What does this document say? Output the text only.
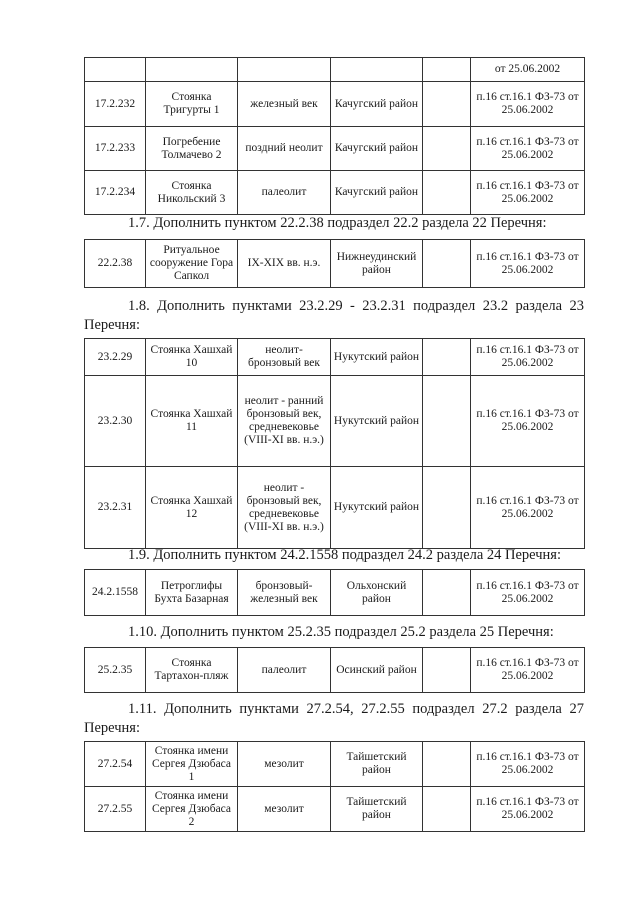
					от 25.06.2002
17.2.232	Стоянка Тригурты 1	железный век	Качугский район		п.16 ст.16.1 ФЗ-73 от 25.06.2002
17.2.233	Погребение Толмачево 2	поздний неолит	Качугский район		п.16 ст.16.1 ФЗ-73 от 25.06.2002
17.2.234	Стоянка Никольский 3	палеолит	Качугский район		п.16 ст.16.1 ФЗ-73 от 25.06.2002
1.7. Дополнить пунктом 22.2.38 подраздел 22.2 раздела 22 Перечня:
22.2.38	Ритуальное сооружение Гора Сапкол	IX-XIX вв. н.э.	Нижнеудинский район		п.16 ст.16.1 ФЗ-73 от 25.06.2002
1.8. Дополнить пунктами 23.2.29 - 23.2.31 подраздел 23.2 раздела 23 Перечня:
23.2.29	Стоянка Хашхай 10	неолит-бронзовый век	Нукутский район		п.16 ст.16.1 ФЗ-73 от 25.06.2002
23.2.30	Стоянка Хашхай 11	неолит - ранний бронзовый век, средневековье (VIII-XI вв. н.э.)	Нукутский район		п.16 ст.16.1 ФЗ-73 от 25.06.2002
23.2.31	Стоянка Хашхай 12	неолит - бронзовый век, средневековье (VIII-XI вв. н.э.)	Нукутский район		п.16 ст.16.1 ФЗ-73 от 25.06.2002
1.9. Дополнить пунктом 24.2.1558 подраздел 24.2 раздела 24 Перечня:
24.2.1558	Петроглифы Бухта Базарная	бронзовый-железный век	Ольхонский район		п.16 ст.16.1 ФЗ-73 от 25.06.2002
1.10. Дополнить пунктом 25.2.35 подраздел 25.2 раздела 25 Перечня:
25.2.35	Стоянка Тартахон-пляж	палеолит	Осинский район		п.16 ст.16.1 ФЗ-73 от 25.06.2002
1.11. Дополнить пунктами 27.2.54, 27.2.55 подраздел 27.2 раздела 27 Перечня:
27.2.54	Стоянка имени Сергея Дзюбаса 1	мезолит	Тайшетский район		п.16 ст.16.1 ФЗ-73 от 25.06.2002
27.2.55	Стоянка имени Сергея Дзюбаса 2	мезолит	Тайшетский район		п.16 ст.16.1 ФЗ-73 от 25.06.2002
